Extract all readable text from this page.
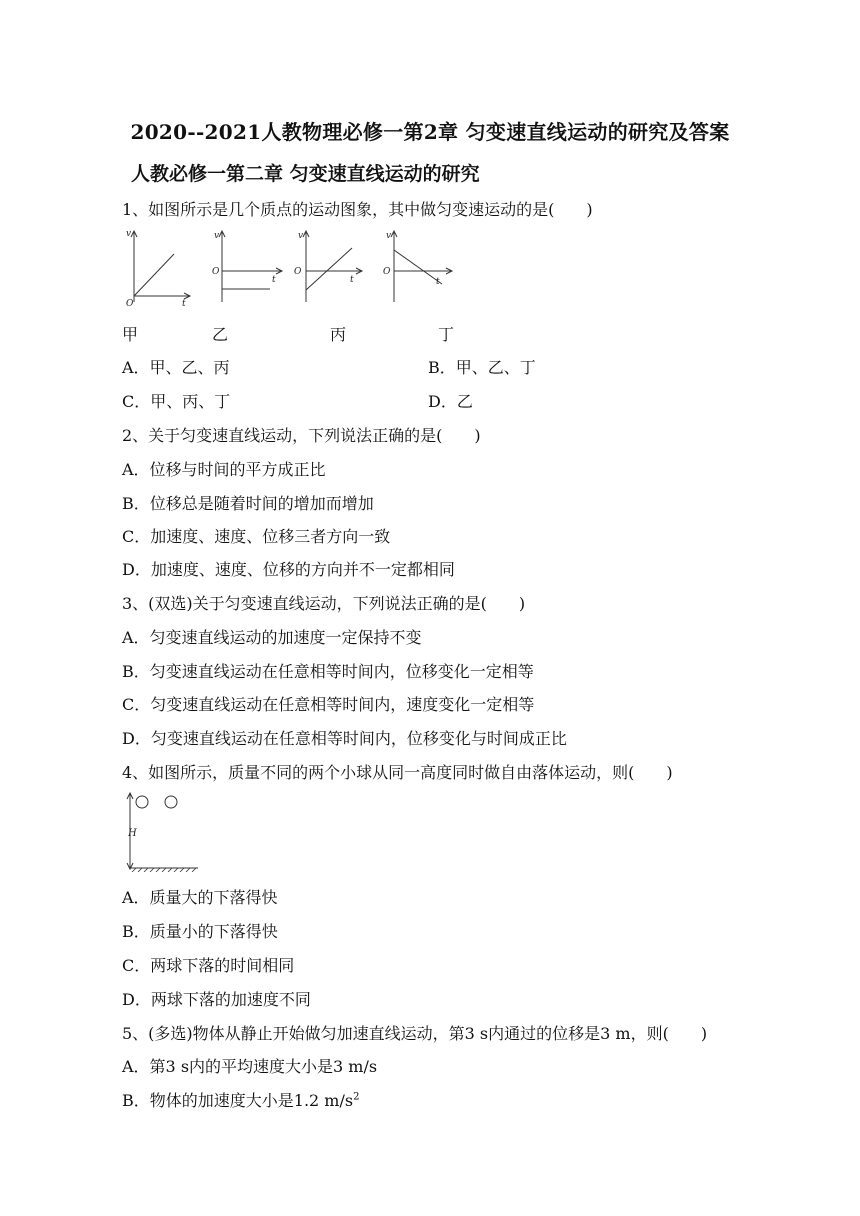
2020--2021人教物理必修一第2章 匀变速直线运动的研究及答案
人教必修一第二章 匀变速直线运动的研究
1、如图所示是几个质点的运动图象，其中做匀变速运动的是(　　)
v
O	t
v
O
t
v
O
t
v
O
t
甲	乙	丙	丁
A．甲、乙、丙	B．甲、乙、丁
C．甲、丙、丁	D．乙
2、关于匀变速直线运动，下列说法正确的是(　　)
A．位移与时间的平方成正比
B．位移总是随着时间的增加而增加
C．加速度、速度、位移三者方向一致
D．加速度、速度、位移的方向并不一定都相同
3、(双选)关于匀变速直线运动，下列说法正确的是(　　)
A．匀变速直线运动的加速度一定保持不变
B．匀变速直线运动在任意相等时间内，位移变化一定相等
C．匀变速直线运动在任意相等时间内，速度变化一定相等
D．匀变速直线运动在任意相等时间内，位移变化与时间成正比
4、如图所示，质量不同的两个小球从同一高度同时做自由落体运动，则(　　)
H
A．质量大的下落得快
B．质量小的下落得快
C．两球下落的时间相同
D．两球下落的加速度不同
5、(多选)物体从静止开始做匀加速直线运动，第3 s内通过的位移是3 m，则(　　)
A．第3 s内的平均速度大小是3 m/s
B．物体的加速度大小是1.2 $m/s^2$
